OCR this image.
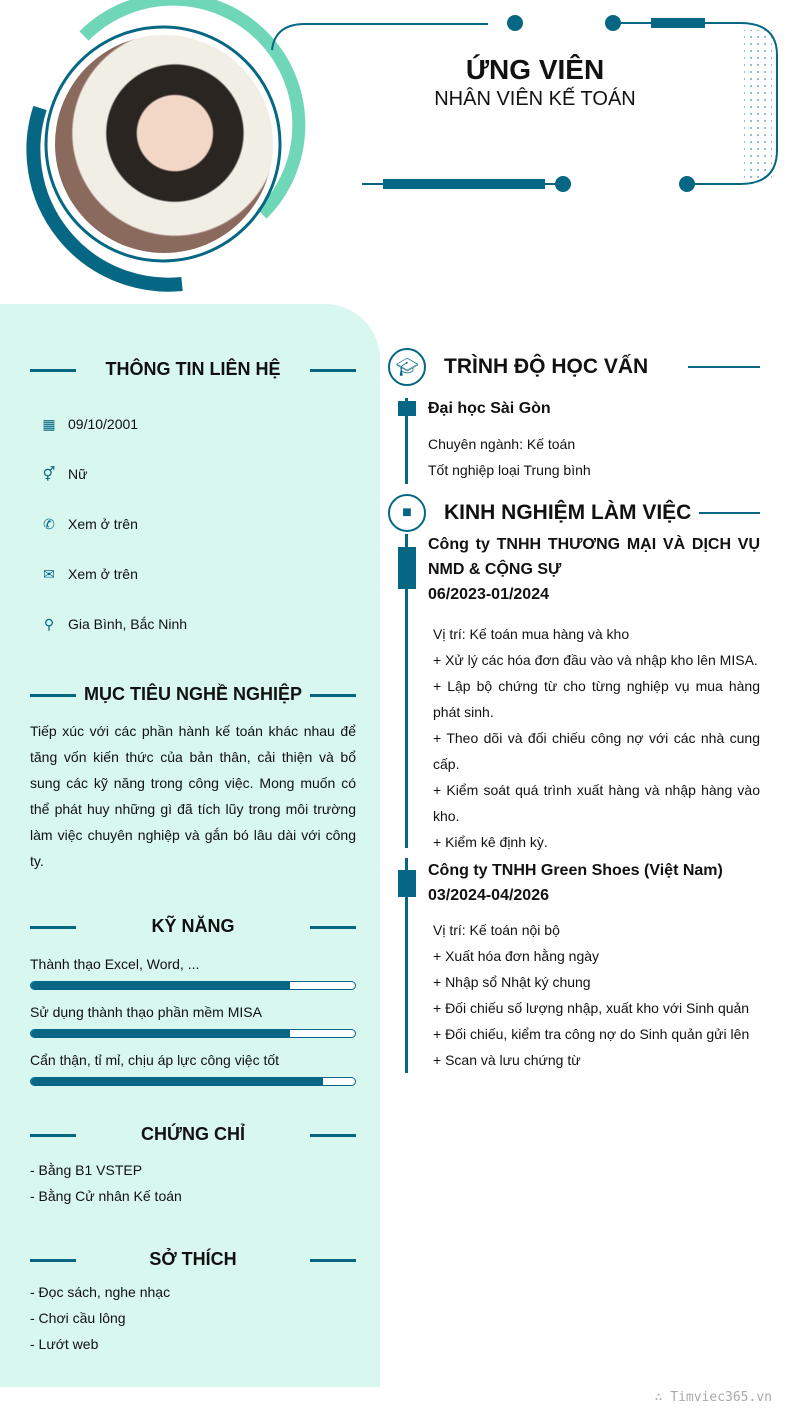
ỨNG VIÊN
NHÂN VIÊN KẾ TOÁN
THÔNG TIN LIÊN HỆ
▦ 09/10/2001
⚥ Nữ
✆ Xem ở trên
✉ Xem ở trên
⚲ Gia Bình, Bắc Ninh
MỤC TIÊU NGHỀ NGHIỆP
Tiếp xúc với các phần hành kế toán khác nhau để tăng vốn kiến thức của bản thân, cải thiện và bổ sung các kỹ năng trong công việc. Mong muốn có thể phát huy những gì đã tích lũy trong môi trường làm việc chuyên nghiệp và gắn bó lâu dài với công ty.
KỸ NĂNG
Thành thạo Excel, Word, ...
Sử dụng thành thạo phần mềm MISA
Cẩn thận, tỉ mỉ, chịu áp lực công việc tốt
CHỨNG CHỈ
- Bằng B1 VSTEP
- Bằng Cử nhân Kế toán
SỞ THÍCH
- Đọc sách, nghe nhạc
- Chơi cầu lông
- Lướt web
🎓︎	TRÌNH ĐỘ HỌC VẤN
Đại học Sài Gòn
Chuyên ngành: Kế toán
Tốt nghiệp loại Trung bình
■	KINH NGHIỆM LÀM VIỆC
Công ty TNHH THƯƠNG MẠI VÀ DỊCH VỤ NMD & CỘNG SỰ
06/2023-01/2024
Vị trí: Kế toán mua hàng và kho
+ Xử lý các hóa đơn đầu vào và nhập kho lên MISA.
+ Lập bộ chứng từ cho từng nghiệp vụ mua hàng phát sinh.
+ Theo dõi và đối chiếu công nợ với các nhà cung cấp.
+ Kiểm soát quá trình xuất hàng và nhập hàng vào kho.
+ Kiểm kê định kỳ.
Công ty TNHH Green Shoes (Việt Nam)
03/2024-04/2026
Vị trí: Kế toán nội bộ
+ Xuất hóa đơn hằng ngày
+ Nhập sổ Nhật ký chung
+ Đối chiếu số lượng nhập, xuất kho với Sinh quản
+ Đối chiếu, kiểm tra công nợ do Sinh quản gửi lên
+ Scan và lưu chứng từ
∴ Timviec365.vn
